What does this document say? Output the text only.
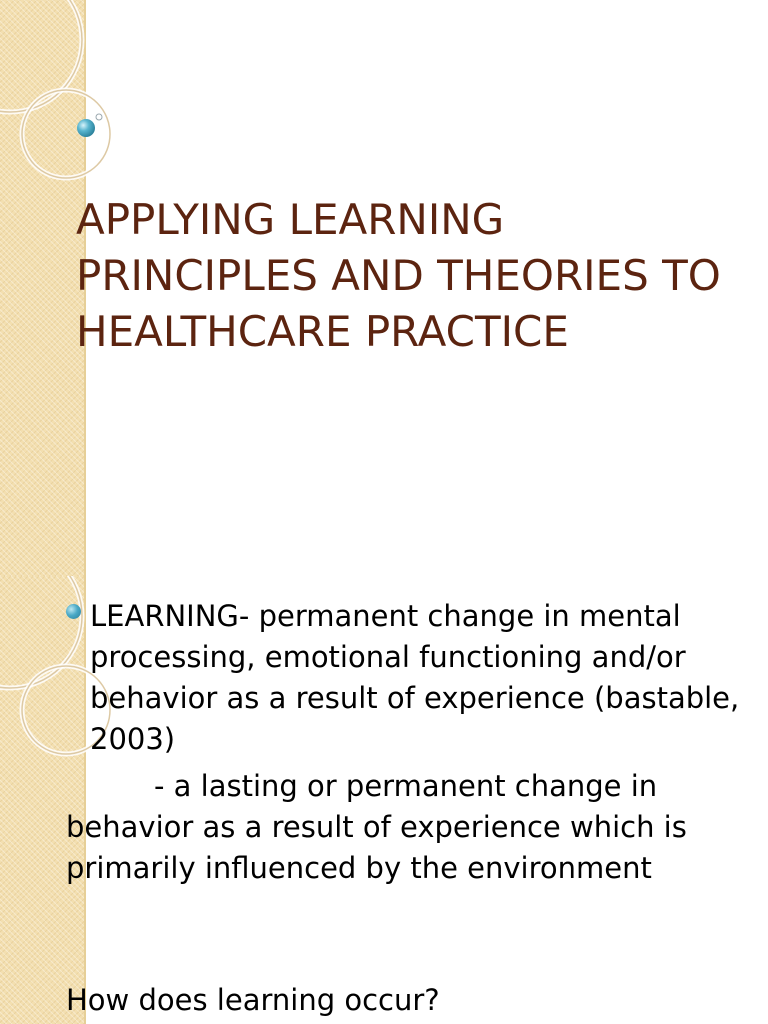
APPLYING LEARNING PRINCIPLES AND THEORIES TO HEALTHCARE PRACTICE

LEARNING- permanent change in mental processing, emotional functioning and/or behavior as a result of experience (bastable, 2003)

- a lasting or permanent change in behavior as a result of experience which is primarily influenced by the environment

How does learning occur?
